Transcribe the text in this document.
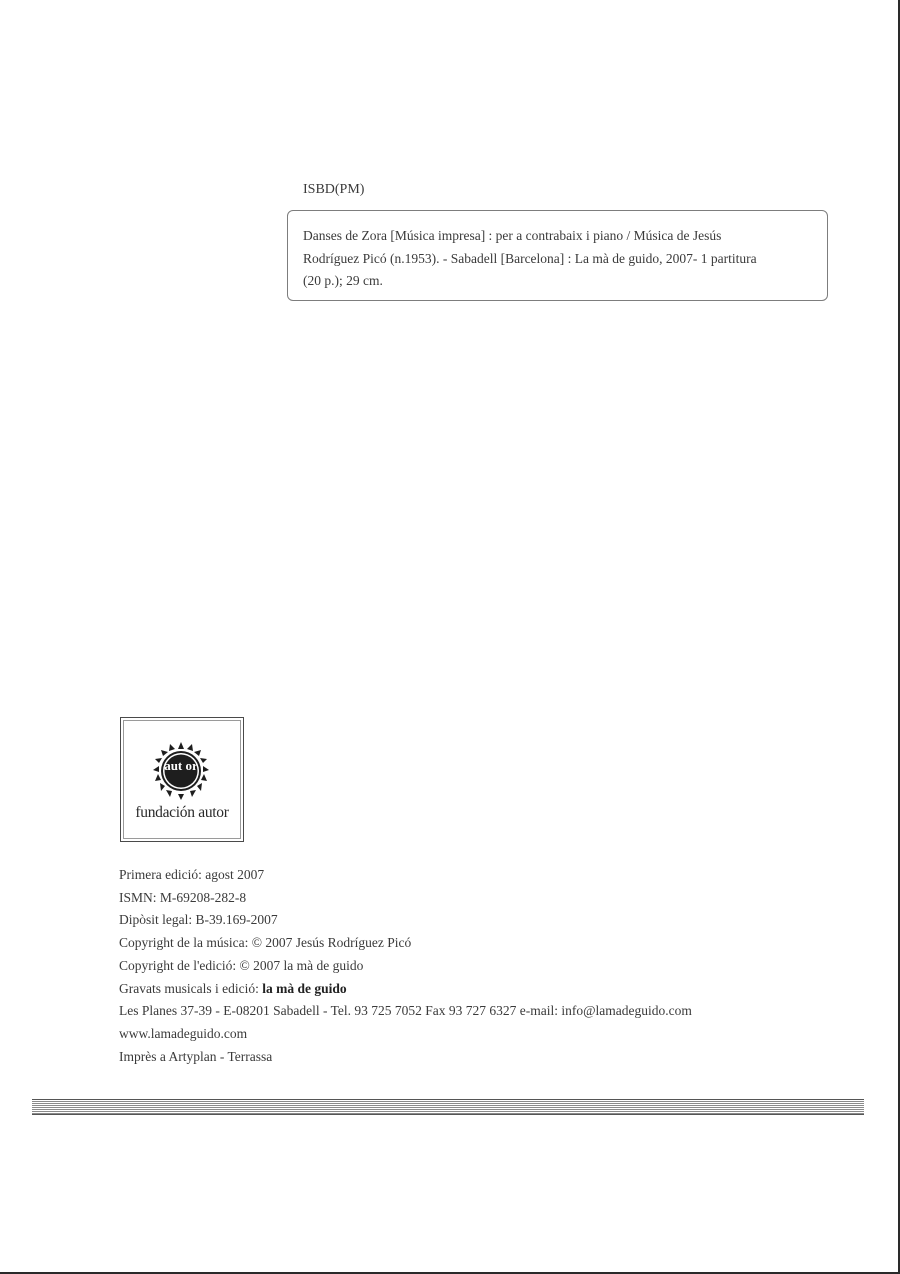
ISBD(PM)
Danses de Zora [Música impresa] : per a contrabaix i piano / Música de Jesús
Rodríguez Picó (n.1953). - Sabadell [Barcelona] : La mà de guido, 2007- 1 partitura
(20 p.); 29 cm.
aut or
fundación autor
Primera edició: agost 2007
ISMN: M-69208-282-8
Dipòsit legal: B-39.169-2007
Copyright de la música: © 2007 Jesús Rodríguez Picó
Copyright de l'edició: © 2007 la mà de guido
Gravats musicals i edició: la mà de guido
Les Planes 37-39 - E-08201 Sabadell - Tel. 93 725 7052 Fax 93 727 6327 e-mail: info@lamadeguido.com
www.lamadeguido.com
Imprès a Artyplan - Terrassa
